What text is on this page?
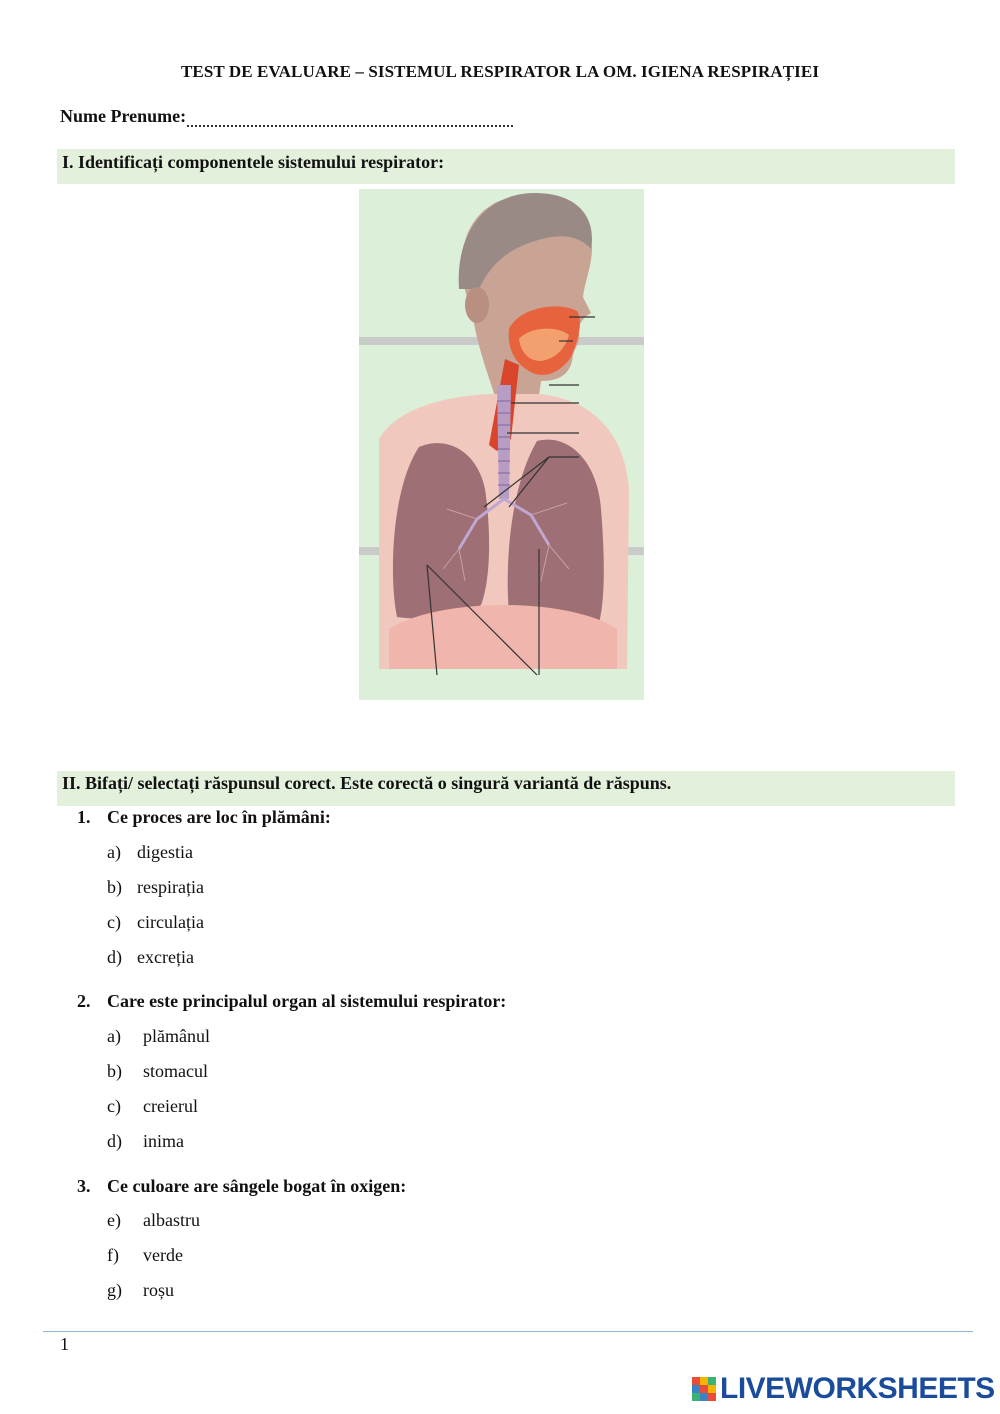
TEST DE EVALUARE – SISTEMUL RESPIRATOR LA OM. IGIENA RESPIRAȚIEI
Nume Prenume:
I. Identificați componentele sistemului respirator:
II. Bifați/ selectați răspunsul corect. Este corectă o singură variantă de răspuns.
1. Ce proces are loc în plămâni:
a) digestia
b) respirația
c) circulația
d) excreția
2. Care este principalul organ al sistemului respirator:
a) plămânul
b) stomacul
c) creierul
d) inima
3. Ce culoare are sângele bogat în oxigen:
e) albastru
f) verde
g) roșu
1
LIVEWORKSHEETS
